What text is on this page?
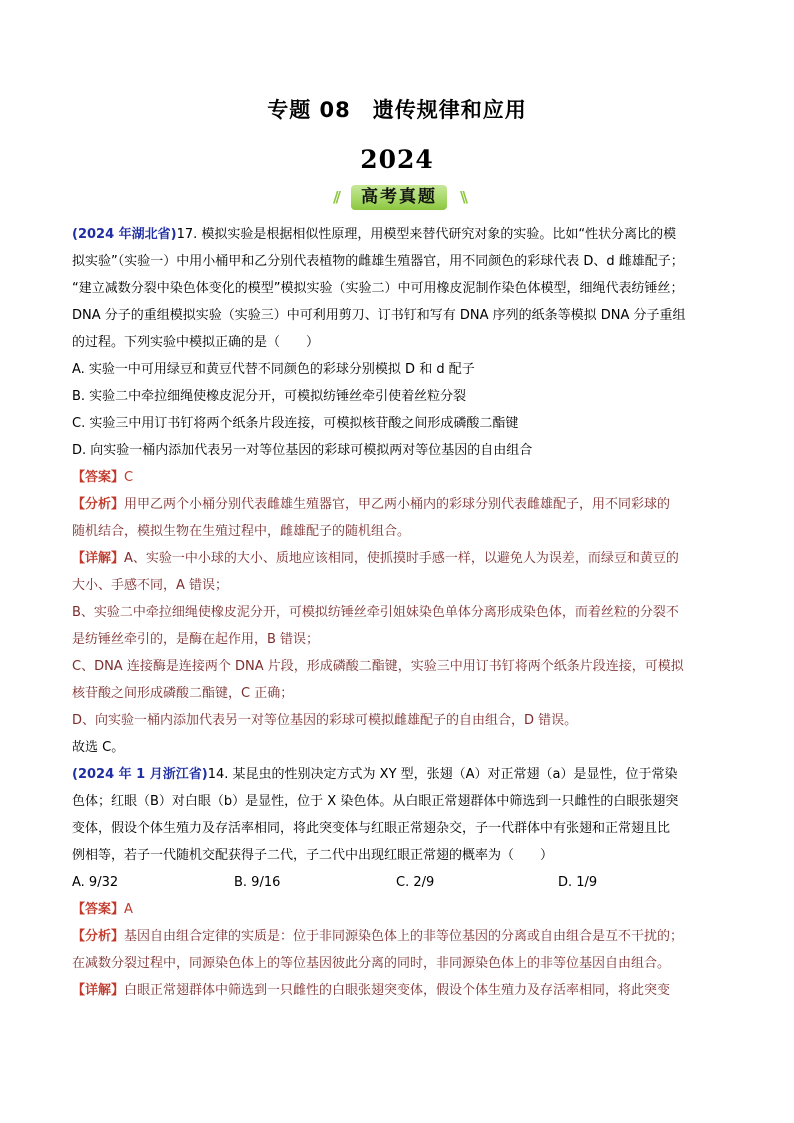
专题 08 遗传规律和应用
2024
//	高考真题	\\
(2024 年湖北省)17. 模拟实验是根据相似性原理，用模型来替代研究对象的实验。比如“性状分离比的模
拟实验”（实验一）中用小桶甲和乙分别代表植物的雌雄生殖器官，用不同颜色的彩球代表 D、d 雌雄配子；
“建立减数分裂中染色体变化的模型”模拟实验（实验二）中可用橡皮泥制作染色体模型，细绳代表纺锤丝；
DNA 分子的重组模拟实验（实验三）中可利用剪刀、订书钉和写有 DNA 序列的纸条等模拟 DNA 分子重组
的过程。下列实验中模拟正确的是（　　）
A. 实验一中可用绿豆和黄豆代替不同颜色的彩球分别模拟 D 和 d 配子
B. 实验二中牵拉细绳使橡皮泥分开，可模拟纺锤丝牵引使着丝粒分裂
C. 实验三中用订书钉将两个纸条片段连接，可模拟核苷酸之间形成磷酸二酯键
D. 向实验一桶内添加代表另一对等位基因的彩球可模拟两对等位基因的自由组合
【答案】C
【分析】用甲乙两个小桶分别代表雌雄生殖器官，甲乙两小桶内的彩球分别代表雌雄配子，用不同彩球的
随机结合，模拟生物在生殖过程中，雌雄配子的随机组合。
【详解】A、实验一中小球的大小、质地应该相同，使抓摸时手感一样，以避免人为误差，而绿豆和黄豆的
大小、手感不同，A 错误；
B、实验二中牵拉细绳使橡皮泥分开，可模拟纺锤丝牵引姐妹染色单体分离形成染色体，而着丝粒的分裂不
是纺锤丝牵引的，是酶在起作用，B 错误；
C、DNA 连接酶是连接两个 DNA 片段，形成磷酸二酯键，实验三中用订书钉将两个纸条片段连接，可模拟
核苷酸之间形成磷酸二酯键，C 正确；
D、向实验一桶内添加代表另一对等位基因的彩球可模拟雌雄配子的自由组合，D 错误。
故选 C。
(2024 年 1 月浙江省)14. 某昆虫的性别决定方式为 XY 型，张翅（A）对正常翅（a）是显性，位于常染
色体；红眼（B）对白眼（b）是显性，位于 X 染色体。从白眼正常翅群体中筛选到一只雌性的白眼张翅突
变体，假设个体生殖力及存活率相同，将此突变体与红眼正常翅杂交，子一代群体中有张翅和正常翅且比
例相等，若子一代随机交配获得子二代，子二代中出现红眼正常翅的概率为（　　）
A. 9/32	B. 9/16	C. 2/9	D. 1/9
【答案】A
【分析】基因自由组合定律的实质是：位于非同源染色体上的非等位基因的分离或自由组合是互不干扰的；
在减数分裂过程中，同源染色体上的等位基因彼此分离的同时，非同源染色体上的非等位基因自由组合。
【详解】白眼正常翅群体中筛选到一只雌性的白眼张翅突变体，假设个体生殖力及存活率相同，将此突变
